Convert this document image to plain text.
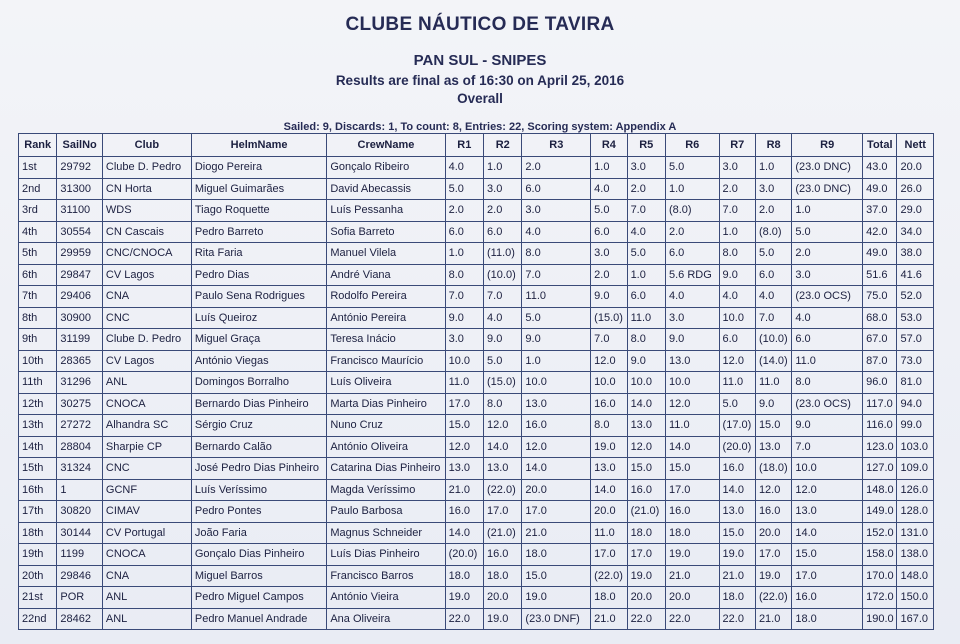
CLUBE NÁUTICO DE TAVIRA
PAN SUL - SNIPES
Results are final as of 16:30 on April 25, 2016
Overall
Sailed: 9, Discards: 1, To count: 8, Entries: 22, Scoring system: Appendix A
Rank	SailNo	Club	HelmName	CrewName	R1	R2	R3	R4	R5	R6	R7	R8	R9	Total	Nett
1st	29792	Clube D. Pedro	Diogo Pereira	Gonçalo Ribeiro	4.0	1.0	2.0	1.0	3.0	5.0	3.0	1.0	(23.0 DNC)	43.0	20.0
2nd	31300	CN Horta	Miguel Guimarães	David Abecassis	5.0	3.0	6.0	4.0	2.0	1.0	2.0	3.0	(23.0 DNC)	49.0	26.0
3rd	31100	WDS	Tiago Roquette	Luís Pessanha	2.0	2.0	3.0	5.0	7.0	(8.0)	7.0	2.0	1.0	37.0	29.0
4th	30554	CN Cascais	Pedro Barreto	Sofia Barreto	6.0	6.0	4.0	6.0	4.0	2.0	1.0	(8.0)	5.0	42.0	34.0
5th	29959	CNC/CNOCA	Rita Faria	Manuel Vilela	1.0	(11.0)	8.0	3.0	5.0	6.0	8.0	5.0	2.0	49.0	38.0
6th	29847	CV Lagos	Pedro Dias	André Viana	8.0	(10.0)	7.0	2.0	1.0	5.6 RDG	9.0	6.0	3.0	51.6	41.6
7th	29406	CNA	Paulo Sena Rodrigues	Rodolfo Pereira	7.0	7.0	11.0	9.0	6.0	4.0	4.0	4.0	(23.0 OCS)	75.0	52.0
8th	30900	CNC	Luís Queiroz	António Pereira	9.0	4.0	5.0	(15.0)	11.0	3.0	10.0	7.0	4.0	68.0	53.0
9th	31199	Clube D. Pedro	Miguel Graça	Teresa Inácio	3.0	9.0	9.0	7.0	8.0	9.0	6.0	(10.0)	6.0	67.0	57.0
10th	28365	CV Lagos	António Viegas	Francisco Maurício	10.0	5.0	1.0	12.0	9.0	13.0	12.0	(14.0)	11.0	87.0	73.0
11th	31296	ANL	Domingos Borralho	Luís Oliveira	11.0	(15.0)	10.0	10.0	10.0	10.0	11.0	11.0	8.0	96.0	81.0
12th	30275	CNOCA	Bernardo Dias Pinheiro	Marta Dias Pinheiro	17.0	8.0	13.0	16.0	14.0	12.0	5.0	9.0	(23.0 OCS)	117.0	94.0
13th	27272	Alhandra SC	Sérgio Cruz	Nuno Cruz	15.0	12.0	16.0	8.0	13.0	11.0	(17.0)	15.0	9.0	116.0	99.0
14th	28804	Sharpie CP	Bernardo Calão	António Oliveira	12.0	14.0	12.0	19.0	12.0	14.0	(20.0)	13.0	7.0	123.0	103.0
15th	31324	CNC	José Pedro Dias Pinheiro	Catarina Dias Pinheiro	13.0	13.0	14.0	13.0	15.0	15.0	16.0	(18.0)	10.0	127.0	109.0
16th	1	GCNF	Luís Veríssimo	Magda Veríssimo	21.0	(22.0)	20.0	14.0	16.0	17.0	14.0	12.0	12.0	148.0	126.0
17th	30820	CIMAV	Pedro Pontes	Paulo Barbosa	16.0	17.0	17.0	20.0	(21.0)	16.0	13.0	16.0	13.0	149.0	128.0
18th	30144	CV Portugal	João Faria	Magnus Schneider	14.0	(21.0)	21.0	11.0	18.0	18.0	15.0	20.0	14.0	152.0	131.0
19th	1199	CNOCA	Gonçalo Dias Pinheiro	Luís Dias Pinheiro	(20.0)	16.0	18.0	17.0	17.0	19.0	19.0	17.0	15.0	158.0	138.0
20th	29846	CNA	Miguel Barros	Francisco Barros	18.0	18.0	15.0	(22.0)	19.0	21.0	21.0	19.0	17.0	170.0	148.0
21st	POR	ANL	Pedro Miguel Campos	António Vieira	19.0	20.0	19.0	18.0	20.0	20.0	18.0	(22.0)	16.0	172.0	150.0
22nd	28462	ANL	Pedro Manuel Andrade	Ana Oliveira	22.0	19.0	(23.0 DNF)	21.0	22.0	22.0	22.0	21.0	18.0	190.0	167.0
